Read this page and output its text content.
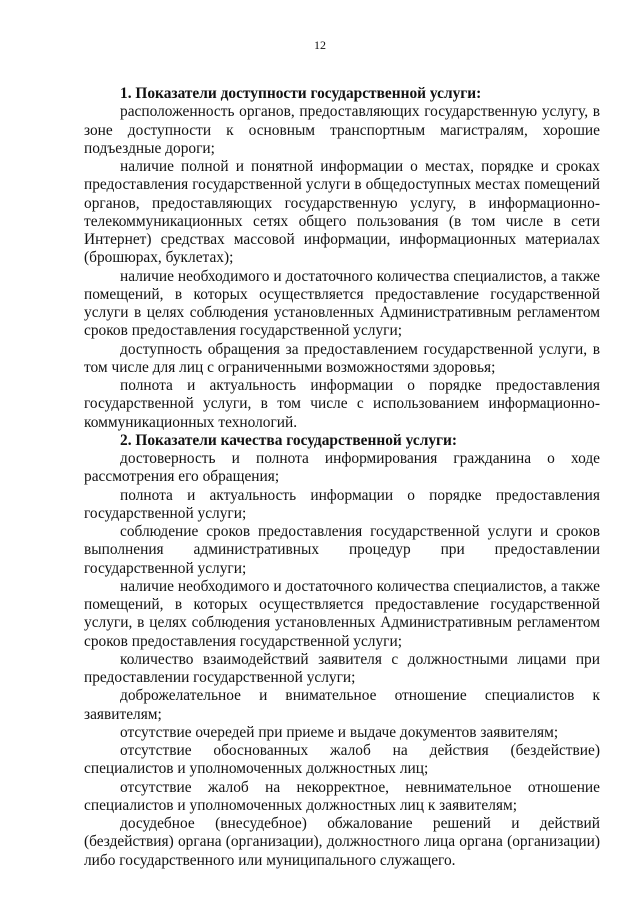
12

1. Показатели доступности государственной услуги:

расположенность органов, предоставляющих государственную услугу, в зоне доступности к основным транспортным магистралям, хорошие подъездные дороги;

наличие полной и понятной информации о местах, порядке и сроках предоставления государственной услуги в общедоступных местах помещений органов, предоставляющих государственную услугу, в информационно-телекоммуникационных сетях общего пользования (в том числе в сети Интернет) средствах массовой информации, информационных материалах (брошюрах, буклетах);

наличие необходимого и достаточного количества специалистов, а также помещений, в которых осуществляется предоставление государственной услуги в целях соблюдения установленных Административным регламентом сроков предоставления государственной услуги;

доступность обращения за предоставлением государственной услуги, в том числе для лиц с ограниченными возможностями здоровья;

полнота и актуальность информации о порядке предоставления государственной услуги, в том числе с использованием информационно-коммуникационных технологий.

2. Показатели качества государственной услуги:

достоверность и полнота информирования гражданина о ходе рассмотрения его обращения;

полнота и актуальность информации о порядке предоставления государственной услуги;

соблюдение сроков предоставления государственной услуги и сроков выполнения административных процедур при предоставлении государственной услуги;

наличие необходимого и достаточного количества специалистов, а также помещений, в которых осуществляется предоставление государственной услуги, в целях соблюдения установленных Административным регламентом сроков предоставления государственной услуги;

количество взаимодействий заявителя с должностными лицами при предоставлении государственной услуги;

доброжелательное и внимательное отношение специалистов к заявителям;

отсутствие очередей при приеме и выдаче документов заявителям;

отсутствие обоснованных жалоб на действия (бездействие) специалистов и уполномоченных должностных лиц;

отсутствие жалоб на некорректное, невнимательное отношение специалистов и уполномоченных должностных лиц к заявителям;

досудебное (внесудебное) обжалование решений и действий (бездействия) органа (организации), должностного лица органа (организации) либо государственного или муниципального служащего.
